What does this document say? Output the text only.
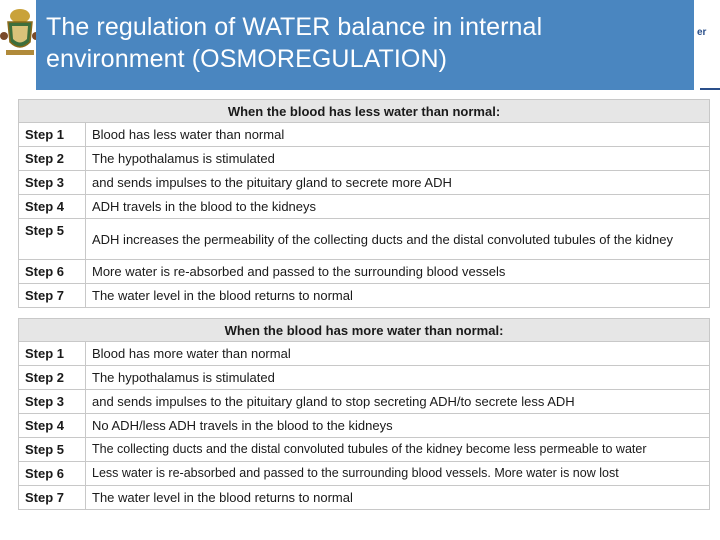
The regulation of WATER balance in internal
environment (OSMOREGULATION)
er
When the blood has less water than normal:	
Step 1	Blood has less water than normal
Step 2	The hypothalamus is stimulated
Step 3	and sends impulses to the pituitary gland to secrete more ADH
Step 4	ADH travels in the blood to the kidneys
Step 5	ADH increases the permeability of the collecting ducts and the distal convoluted tubules of the kidney
Step 6	More water is re-absorbed and passed to the surrounding blood vessels
Step 7	The water level in the blood returns to normal
When the blood has more water than normal:	
Step 1	Blood has more water than normal
Step 2	The hypothalamus is stimulated
Step 3	and sends impulses to the pituitary gland to stop secreting ADH/to secrete less ADH
Step 4	No ADH/less ADH travels in the blood to the kidneys
Step 5	The collecting ducts and the distal convoluted tubules of the kidney become less permeable to water
Step 6	Less water is re-absorbed and passed to the surrounding blood vessels. More water is now lost
Step 7	The water level in the blood returns to normal
